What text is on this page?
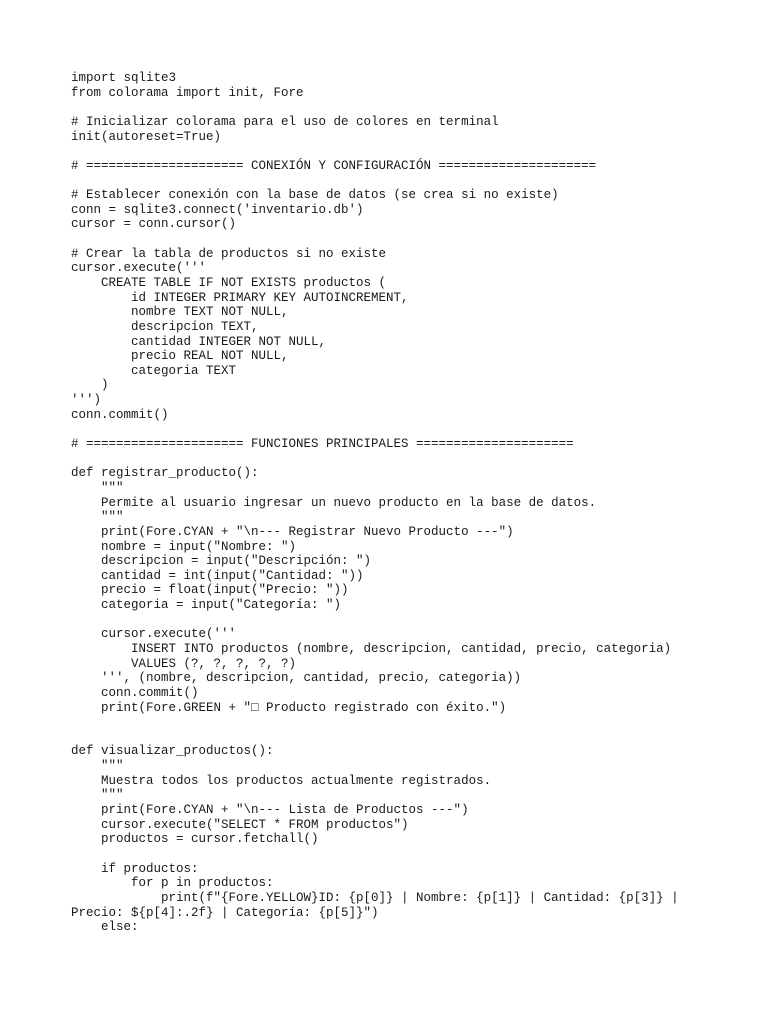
import sqlite3
from colorama import init, Fore
# Inicializar colorama para el uso de colores en terminal
init(autoreset=True)
# ===================== CONEXIÓN Y CONFIGURACIÓN =====================
# Establecer conexión con la base de datos (se crea si no existe)
conn = sqlite3.connect('inventario.db')
cursor = conn.cursor()
# Crear la tabla de productos si no existe
cursor.execute('''
CREATE TABLE IF NOT EXISTS productos (
id INTEGER PRIMARY KEY AUTOINCREMENT,
nombre TEXT NOT NULL,
descripcion TEXT,
cantidad INTEGER NOT NULL,
precio REAL NOT NULL,
categoria TEXT
)
''')
conn.commit()
# ===================== FUNCIONES PRINCIPALES =====================
def registrar_producto():
"""
Permite al usuario ingresar un nuevo producto en la base de datos.
"""
print(Fore.CYAN + "\n--- Registrar Nuevo Producto ---")
nombre = input("Nombre: ")
descripcion = input("Descripción: ")
cantidad = int(input("Cantidad: "))
precio = float(input("Precio: "))
categoria = input("Categoría: ")
cursor.execute('''
INSERT INTO productos (nombre, descripcion, cantidad, precio, categoria)
VALUES (?, ?, ?, ?, ?)
''', (nombre, descripcion, cantidad, precio, categoria))
conn.commit()
print(Fore.GREEN + "□ Producto registrado con éxito.")
def visualizar_productos():
"""
Muestra todos los productos actualmente registrados.
"""
print(Fore.CYAN + "\n--- Lista de Productos ---")
cursor.execute("SELECT * FROM productos")
productos = cursor.fetchall()
if productos:
for p in productos:
print(f"{Fore.YELLOW}ID: {p[0]} | Nombre: {p[1]} | Cantidad: {p[3]} |
Precio: ${p[4]:.2f} | Categoría: {p[5]}")
else:
